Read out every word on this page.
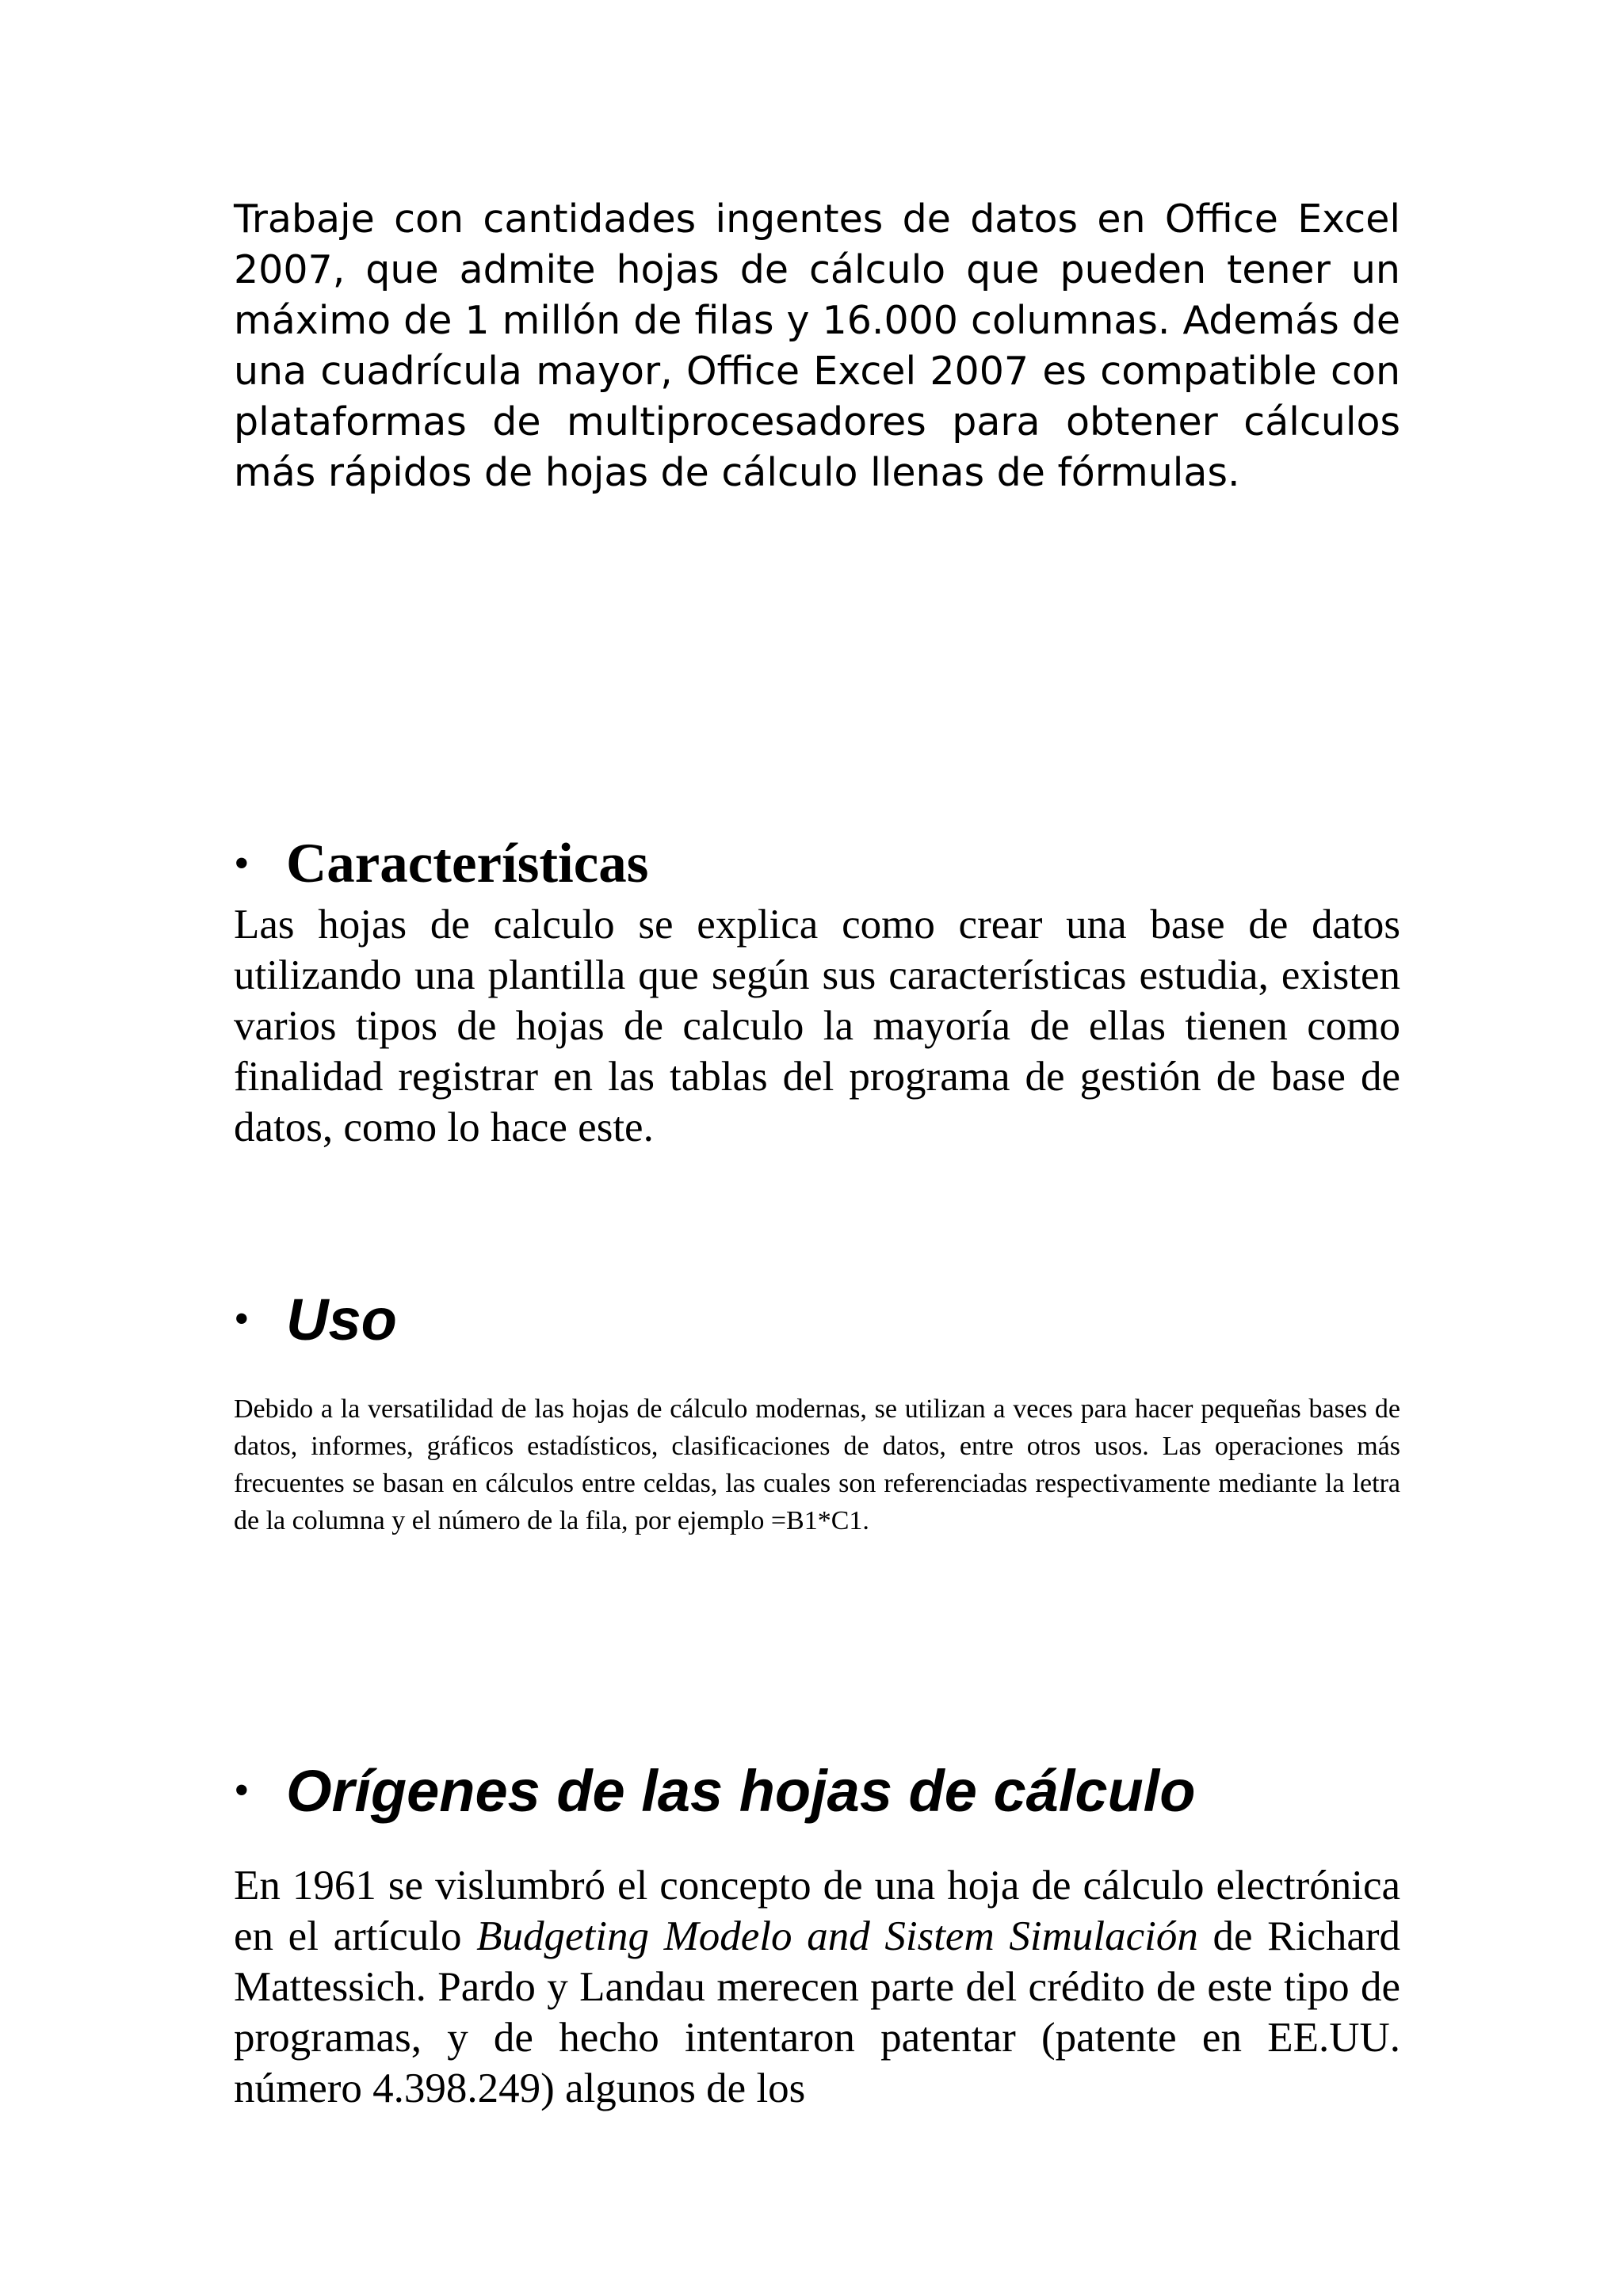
Trabaje con cantidades ingentes de datos en Office Excel 2007, que admite hojas de cálculo que pueden tener un máximo de 1 millón de filas y 16.000 columnas. Además de una cuadrícula mayor, Office Excel 2007 es compatible con plataformas de multiprocesadores para obtener cálculos más rápidos de hojas de cálculo llenas de fórmulas.
• Características
Las hojas de calculo se explica como crear una base de datos utilizando una plantilla que según sus características estudia, existen varios tipos de hojas de calculo la mayoría de ellas tienen como finalidad registrar en las tablas del programa de gestión de base de datos, como lo hace este.
• Uso
Debido a la versatilidad de las hojas de cálculo modernas, se utilizan a veces para hacer pequeñas bases de datos, informes, gráficos estadísticos, clasificaciones de datos, entre otros usos. Las operaciones más frecuentes se basan en cálculos entre celdas, las cuales son referenciadas respectivamente mediante la letra de la columna y el número de la fila, por ejemplo =B1*C1.
• Orígenes de las hojas de cálculo
En 1961 se vislumbró el concepto de una hoja de cálculo electrónica en el artículo Budgeting Modelo and Sistem Simulación de Richard Mattessich. Pardo y Landau merecen parte del crédito de este tipo de programas, y de hecho intentaron patentar (patente en EE.UU. número 4.398.249) algunos de los
